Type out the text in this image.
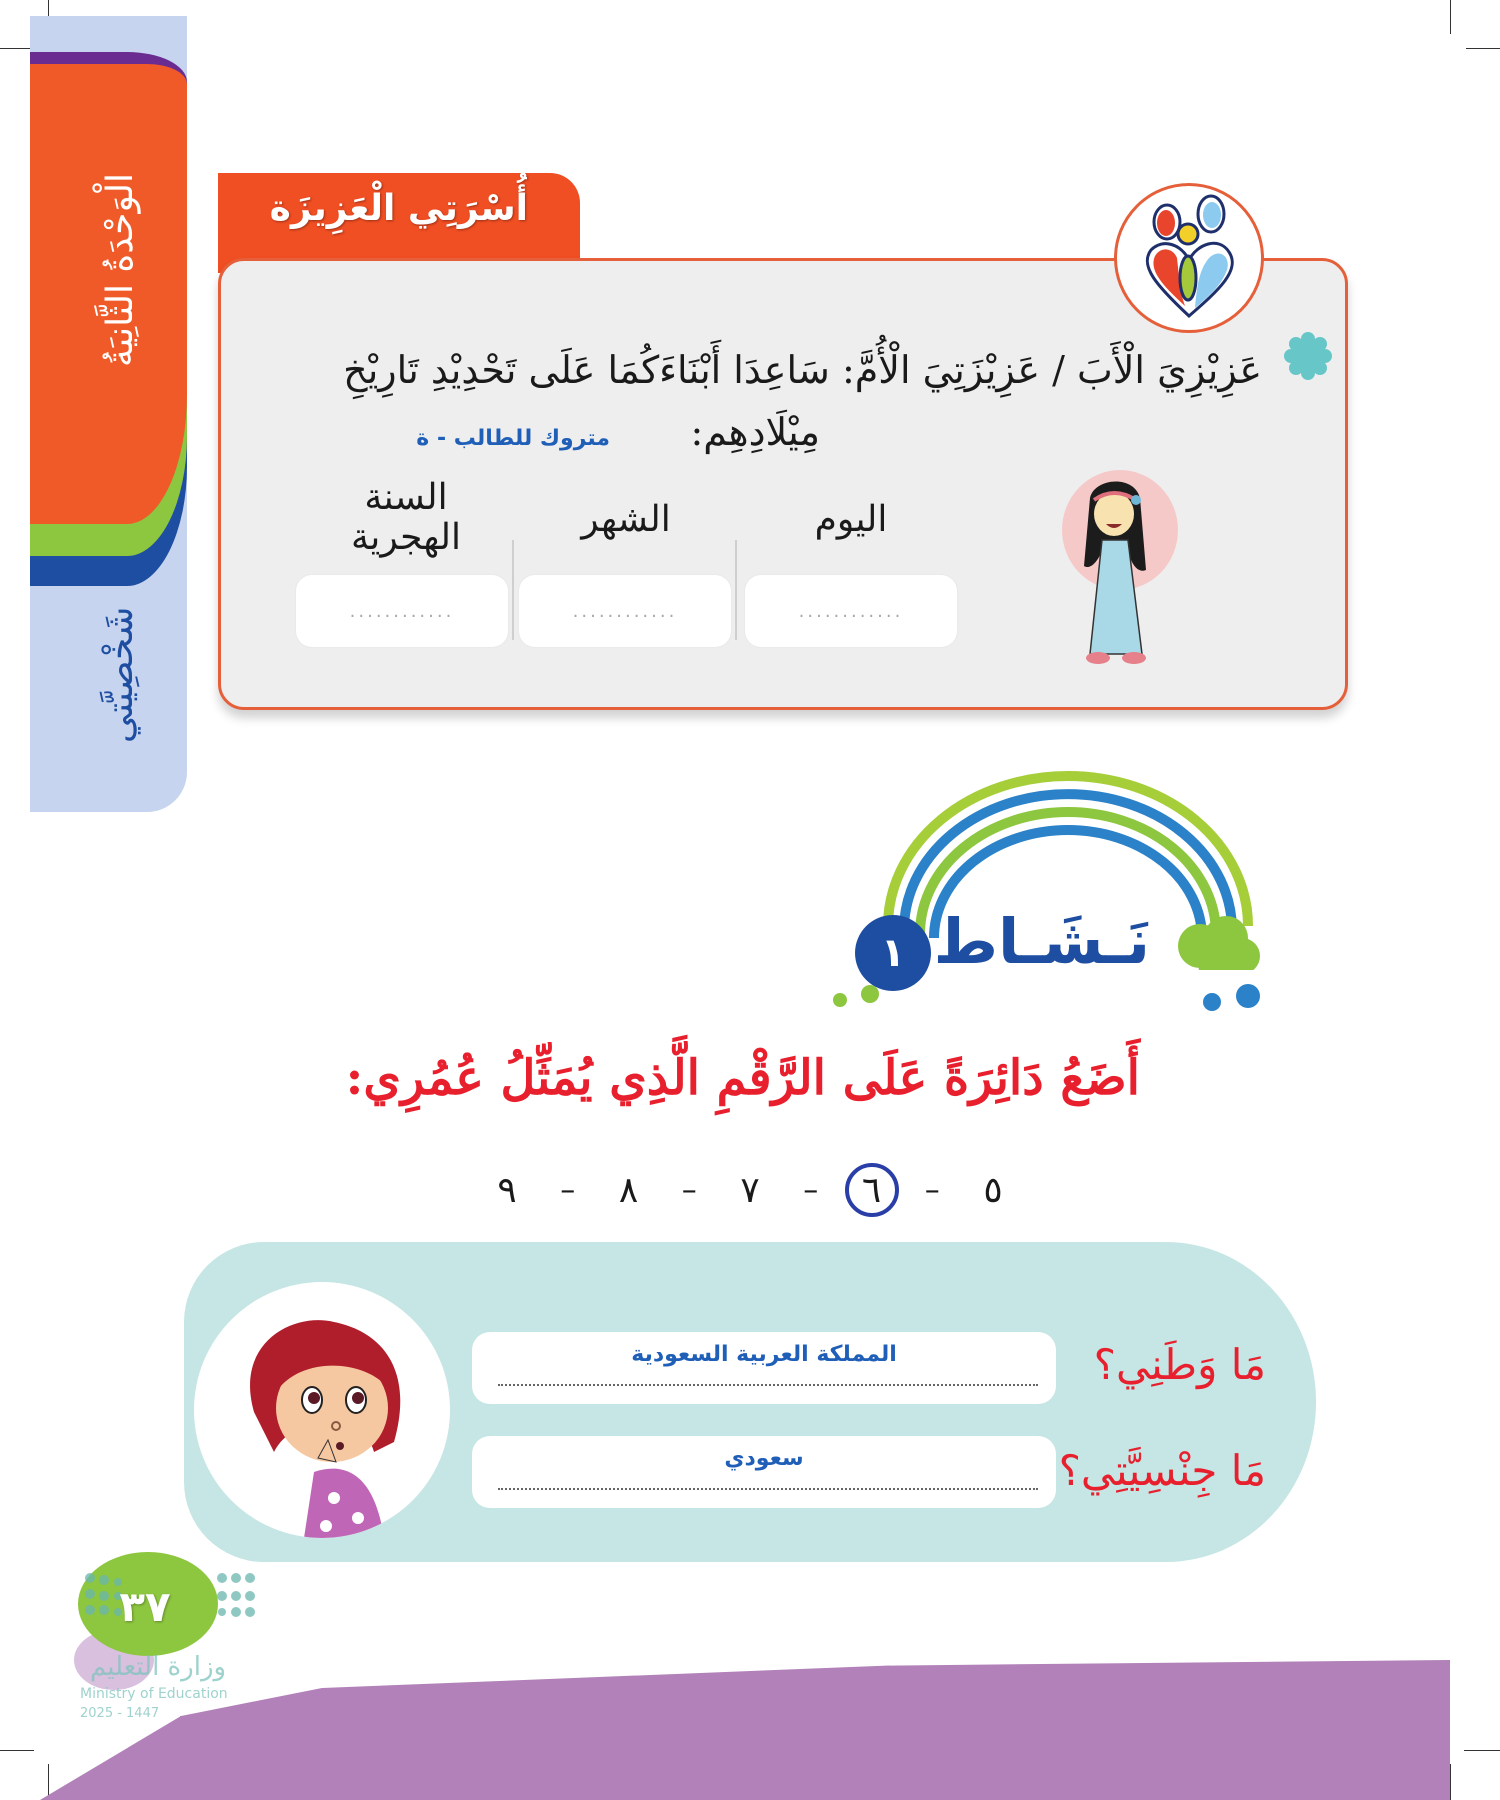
الْوَحْدَةُ الثَّانِيَةُ
شَخْصِيَّتي
أُسْرَتِي الْعَزِيزَة
عَزِيْزِيَ الْأَبَ / عَزِيْزَتِيَ الْأُمَّ: سَاعِدَا أَبْنَاءَكُمَا عَلَى تَحْدِيْدِ تَارِيْخِ
مِيْلَادِهِم:
متروك للطالب - ة
اليوم
الشهر
السنة الهجرية
............
............
............
١ نَـشَـاط
أَضَعُ دَائِرَةً عَلَى الرَّقْمِ الَّذِي يُمَثِّلُ عُمُرِي:
٥
–
٦
–
٧
–
٨
–
٩
المملكة العربية السعودية	مَا وَطَنِي؟
سعودي	مَا جِنْسِيَّتِي؟
٣٧
وزارة التعليم
Ministry of Education
2025 - 1447
